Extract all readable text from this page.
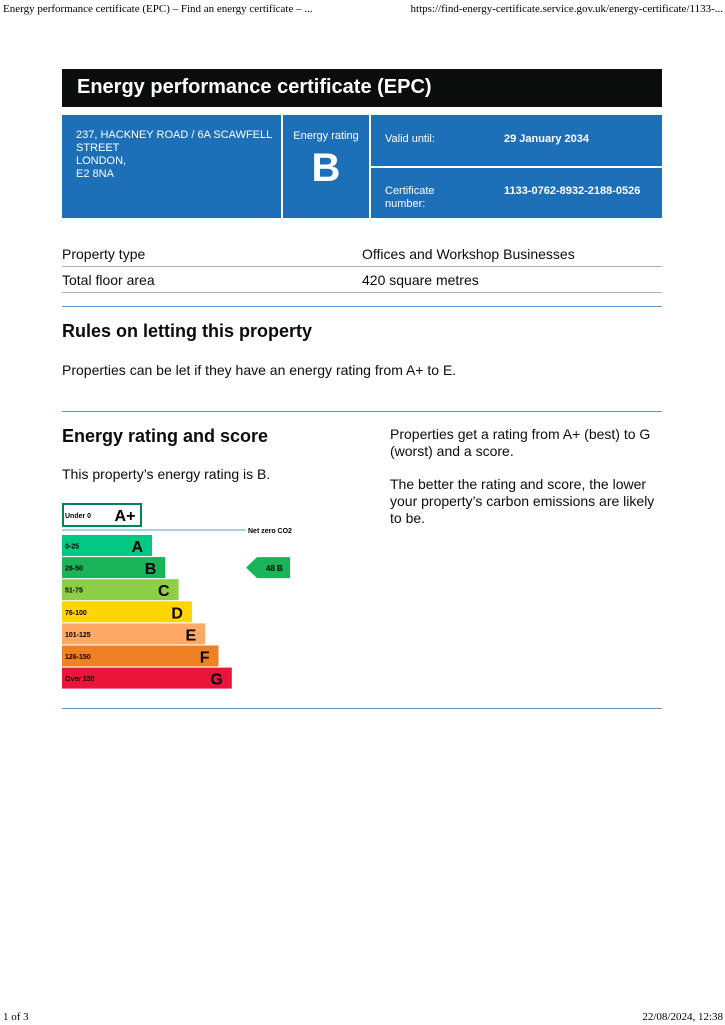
Energy performance certificate (EPC) – Find an energy certificate – ...	https://find-energy-certificate.service.gov.uk/energy-certificate/1133-...
Energy performance certificate (EPC)
237, HACKNEY ROAD / 6A SCAWFELL
STREET
LONDON,
E2 8NA
Energy rating
B
Valid until:	29 January 2034
Certificate number:
1133-0762-8932-2188-0526
Property type	Offices and Workshop Businesses
Total floor area	420 square metres
Rules on letting this property

Properties can be let if they have an energy rating from A+ to E.

Energy rating and score

This property’s energy rating is B.

Properties get a rating from A+ (best) to G (worst) and a score.

The better the rating and score, the lower your property’s carbon emissions are likely to be.

Under 0 A+
Net zero CO2
0-25	A
26-50	B
51-75	C
76-100	D
101-125	E
126-150	F
Over 150	G
48 B
1 of 3	22/08/2024, 12:38
